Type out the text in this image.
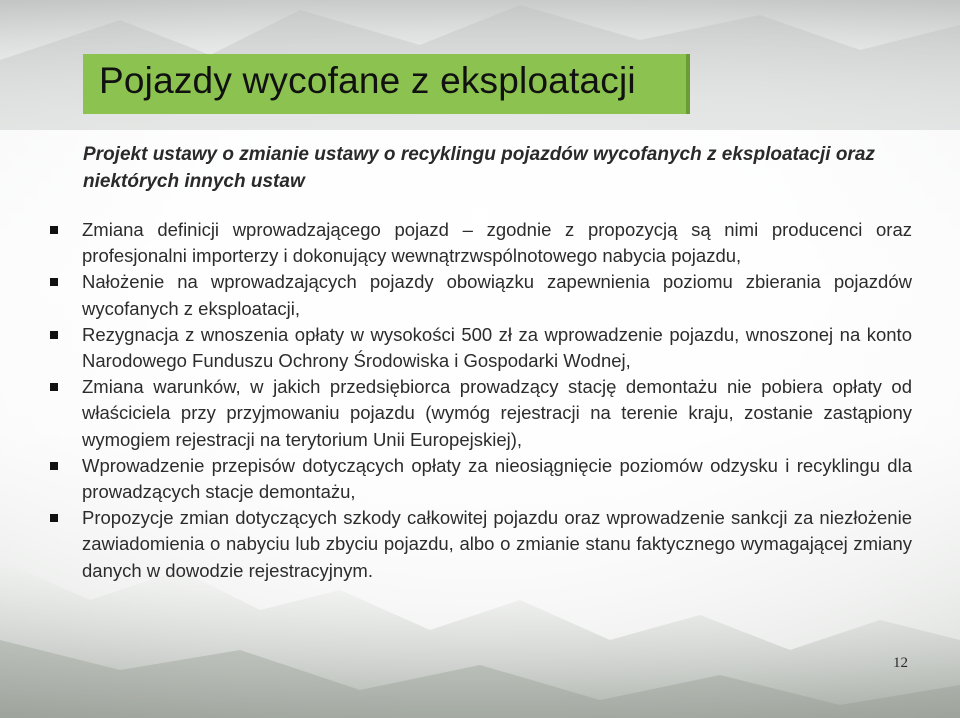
Pojazdy wycofane z eksploatacji

Projekt ustawy o zmianie ustawy o recyklingu pojazdów wycofanych z eksploatacji oraz niektórych innych ustaw

Zmiana definicji wprowadzającego pojazd – zgodnie z propozycją są nimi producenci oraz profesjonalni importerzy i dokonujący wewnątrzwspólnotowego nabycia pojazdu,
Nałożenie na wprowadzających pojazdy obowiązku zapewnienia poziomu zbierania pojazdów wycofanych z eksploatacji,
Rezygnacja z wnoszenia opłaty w wysokości 500 zł za wprowadzenie pojazdu, wnoszonej na konto Narodowego Funduszu Ochrony Środowiska i Gospodarki Wodnej,
Zmiana warunków, w jakich przedsiębiorca prowadzący stację demontażu nie pobiera opłaty od właściciela przy przyjmowaniu pojazdu (wymóg rejestracji na terenie kraju, zostanie zastąpiony wymogiem rejestracji na terytorium Unii Europejskiej),
Wprowadzenie przepisów dotyczących opłaty za nieosiągnięcie poziomów odzysku i recyklingu dla prowadzących stacje demontażu,
Propozycje zmian dotyczących szkody całkowitej pojazdu oraz wprowadzenie sankcji za niezłożenie zawiadomienia o nabyciu lub zbyciu pojazdu, albo o zmianie stanu faktycznego wymagającej zmiany danych w dowodzie rejestracyjnym.
12
